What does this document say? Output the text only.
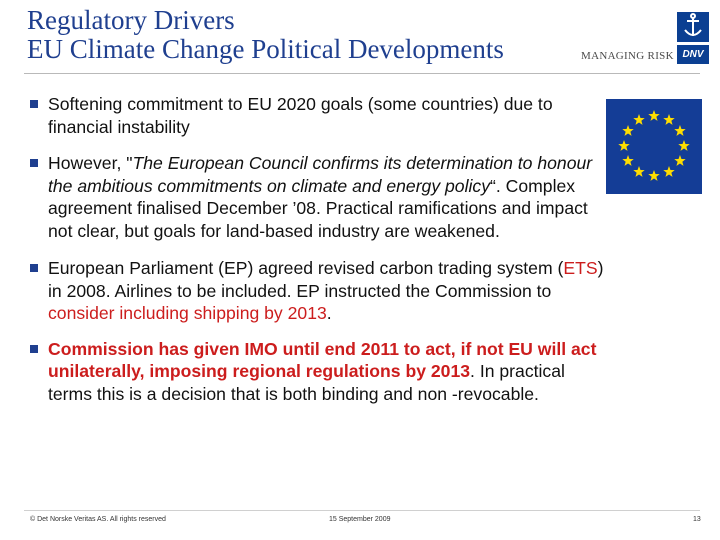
Regulatory Drivers
EU Climate Change Political Developments	MANAGING RISK DNV
Softening commitment to EU 2020 goals (some countries) due to financial instability
However, "The European Council confirms its determination to honour the ambitious commitments on climate and energy policy“. Complex agreement finalised December ’08. Practical ramifications and impact not clear, but goals for land-based industry are weakened.
European Parliament (EP) agreed revised carbon trading system (ETS) in 2008. Airlines to be included. EP instructed the Commission to consider including shipping by 2013.
Commission has given IMO until end 2011 to act, if not EU will act unilaterally, imposing regional regulations by 2013. In practical terms this is a decision that is both binding and non -revocable.
© Det Norske Veritas AS. All rights reserved	15 September 2009	13
